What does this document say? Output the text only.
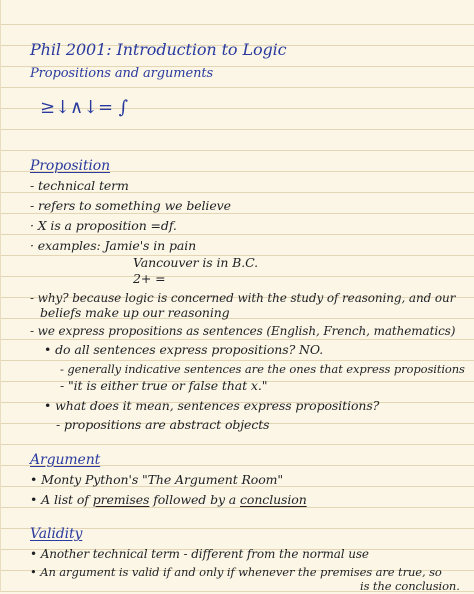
Phil 2001: Introduction to Logic
Propositions and arguments
≥↓∧↓= ∫
Proposition
- technical term
- refers to something we believe
· X is a proposition =df.
· examples: Jamie's in pain
Vancouver is in B.C.
2+ =
- why? because logic is concerned with the study of reasoning, and our
beliefs make up our reasoning
- we express propositions as sentences (English, French, mathematics)
• do all sentences express propositions? NO.
- generally indicative sentences are the ones that express propositions
- "it is either true or false that x."
• what does it mean, sentences express propositions?
- propositions are abstract objects
Argument
• Monty Python's "The Argument Room"
• A list of premises followed by a conclusion
Validity
• Another technical term - different from the normal use
• An argument is valid if and only if whenever the premises are true, so
is the conclusion.
